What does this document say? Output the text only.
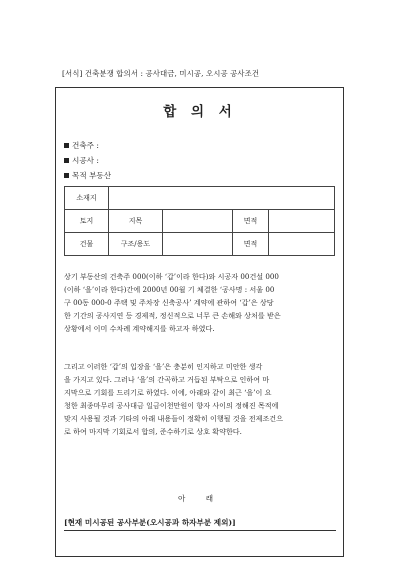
[서식] 건축분쟁 합의서 : 공사대금, 미시공, 오시공 공사조건
합 의 서
건축주 :
시공사 :
목적 부동산
소재지				
토지	지목		면적	
건물	구조/용도		면적	
상기 부동산의 건축주 000(이하 ‘갑’이라 한다)와 시공자 00건설 000
(이하 ‘을’이라 한다)간에 2000년 00월 기 체결한 ‘공사명 : 서울 00
구 00동 000-0 주택 및 주차장 신축공사’ 계약에 관하여 ‘갑’은 상당
한 기간의 공사지연 등 경제적, 정신적으로 너무 큰 손해와 상처를 받은
상황에서 이미 수차례 계약해지를 하고자 하였다.
그리고 이러한 ‘갑’의 입장을 ‘을’은 충분히 인지하고 미안한 생각
을 가지고 있다. 그러나 ‘을’의 간곡하고 거듭된 부탁으로 인하여 마
지막으로 기회를 드리기로 하였다. 이에, 아래와 같이 최근 ‘을’이 요
청한 최종마무리 공사대금 일금이천만원이 향자 사이의 정해진 목적에
맞지 사용될 것과 기타의 아래 내용들이 정확히 이행될 것을 전제조건으
로 하여 마지막 기회로서 합의, 준수하기로 상호 확약한다.
아 래
[현재 미시공된 공사부분(오시공과 하자부분 제외)]
